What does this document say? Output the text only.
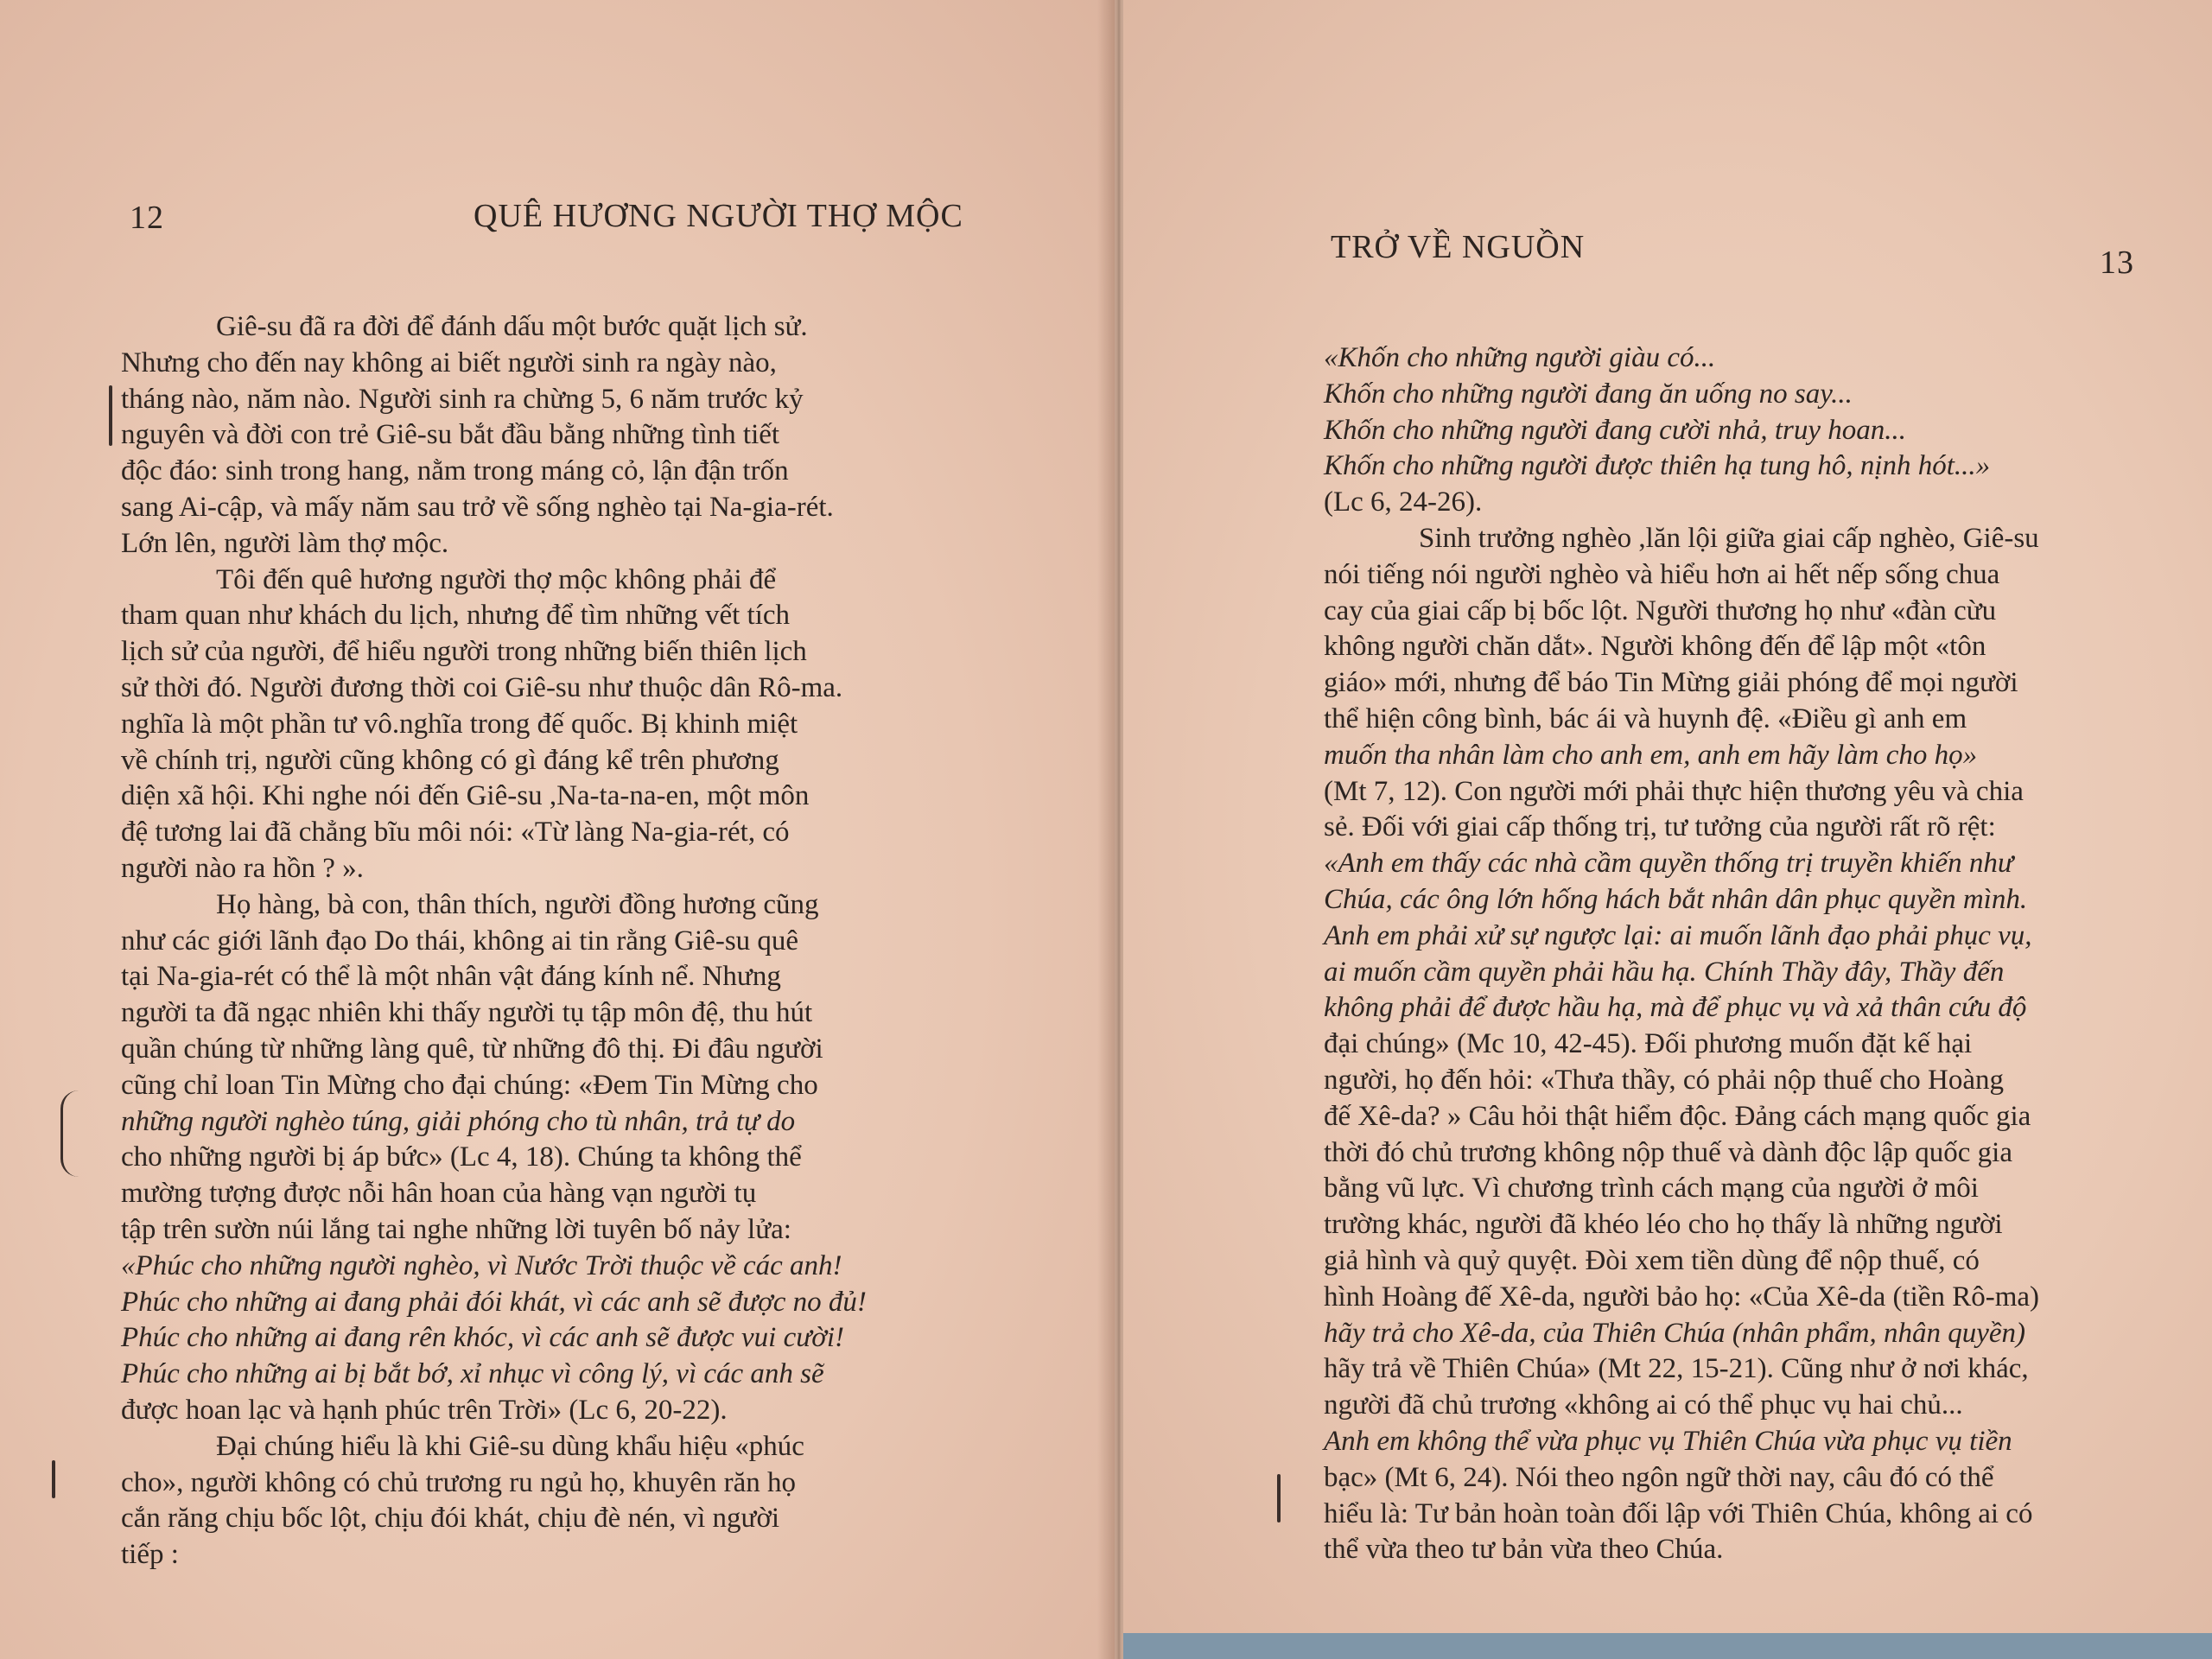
12	QUÊ HƯƠNG NGƯỜI THỢ MỘC
Giê-su đã ra đời để đánh dấu một bước quặt lịch sử.
Nhưng cho đến nay không ai biết người sinh ra ngày nào,
tháng nào, năm nào. Người sinh ra chừng 5, 6 năm trước kỷ
nguyên và đời con trẻ Giê-su bắt đầu bằng những tình tiết
độc đáo: sinh trong hang, nằm trong máng cỏ, lận đận trốn
sang Ai-cập, và mấy năm sau trở về sống nghèo tại Na-gia-rét.
Lớn lên, người làm thợ mộc.
Tôi đến quê hương người thợ mộc không phải để
tham quan như khách du lịch, nhưng để tìm những vết tích
lịch sử của người, để hiểu người trong những biến thiên lịch
sử thời đó. Người đương thời coi Giê-su như thuộc dân Rô-ma.
nghĩa là một phần tư vô.nghĩa trong đế quốc. Bị khinh miệt
về chính trị, người cũng không có gì đáng kể trên phương
diện xã hội. Khi nghe nói đến Giê-su ,Na-ta-na-en, một môn
đệ tương lai đã chẳng bĩu môi nói: «Từ làng Na-gia-rét, có
người nào ra hồn ? ».
Họ hàng, bà con, thân thích, người đồng hương cũng
như các giới lãnh đạo Do thái, không ai tin rằng Giê-su quê
tại Na-gia-rét có thể là một nhân vật đáng kính nể. Nhưng
người ta đã ngạc nhiên khi thấy người tụ tập môn đệ, thu hút
quần chúng từ những làng quê, từ những đô thị. Đi đâu người
cũng chỉ loan Tin Mừng cho đại chúng: «Đem Tin Mừng cho
những người nghèo túng, giải phóng cho tù nhân, trả tự do
cho những người bị áp bức» (Lc 4, 18). Chúng ta không thể
mường tượng được nỗi hân hoan của hàng vạn người tụ
tập trên sườn núi lắng tai nghe những lời tuyên bố nảy lửa:
«Phúc cho những người nghèo, vì Nước Trời thuộc về các anh!
Phúc cho những ai đang phải đói khát, vì các anh sẽ được no đủ!
Phúc cho những ai đang rên khóc, vì các anh sẽ được vui cười!
Phúc cho những ai bị bắt bớ, xỉ nhục vì công lý, vì các anh sẽ
được hoan lạc và hạnh phúc trên Trời» (Lc 6, 20-22).
Đại chúng hiểu là khi Giê-su dùng khẩu hiệu «phúc
cho», người không có chủ trương ru ngủ họ, khuyên răn họ
cắn răng chịu bốc lột, chịu đói khát, chịu đè nén, vì người
tiếp :
TRỞ VỀ NGUỒN	13
«Khốn cho những người giàu có...
Khốn cho những người đang ăn uống no say...
Khốn cho những người đang cười nhả, truy hoan...
Khốn cho những người được thiên hạ tung hô, nịnh hót...»
(Lc 6, 24-26).
Sinh trưởng nghèo ,lăn lội giữa giai cấp nghèo, Giê-su
nói tiếng nói người nghèo và hiểu hơn ai hết nếp sống chua
cay của giai cấp bị bốc lột. Người thương họ như «đàn cừu
không người chăn dắt». Người không đến để lập một «tôn
giáo» mới, nhưng để báo Tin Mừng giải phóng để mọi người
thể hiện công bình, bác ái và huynh đệ. «Điều gì anh em
muốn tha nhân làm cho anh em, anh em hãy làm cho họ»
(Mt 7, 12). Con người mới phải thực hiện thương yêu và chia
sẻ. Đối với giai cấp thống trị, tư tưởng của người rất rõ rệt:
«Anh em thấy các nhà cầm quyền thống trị truyền khiến như
Chúa, các ông lớn hống hách bắt nhân dân phục quyền mình.
Anh em phải xử sự ngược lại: ai muốn lãnh đạo phải phục vụ,
ai muốn cầm quyền phải hầu hạ. Chính Thầy đây, Thầy đến
không phải để được hầu hạ, mà để phục vụ và xả thân cứu độ
đại chúng» (Mc 10, 42-45). Đối phương muốn đặt kế hại
người, họ đến hỏi: «Thưa thầy, có phải nộp thuế cho Hoàng
đế Xê-da? » Câu hỏi thật hiểm độc. Đảng cách mạng quốc gia
thời đó chủ trương không nộp thuế và dành độc lập quốc gia
bằng vũ lực. Vì chương trình cách mạng của người ở môi
trường khác, người đã khéo léo cho họ thấy là những người
giả hình và quỷ quyệt. Đòi xem tiền dùng để nộp thuế, có
hình Hoàng đế Xê-da, người bảo họ: «Của Xê-da (tiền Rô-ma)
hãy trả cho Xê-da, của Thiên Chúa (nhân phẩm, nhân quyền)
hãy trả về Thiên Chúa» (Mt 22, 15-21). Cũng như ở nơi khác,
người đã chủ trương «không ai có thể phục vụ hai chủ...
Anh em không thể vừa phục vụ Thiên Chúa vừa phục vụ tiền
bạc» (Mt 6, 24). Nói theo ngôn ngữ thời nay, câu đó có thể
hiểu là: Tư bản hoàn toàn đối lập với Thiên Chúa, không ai có
thể vừa theo tư bản vừa theo Chúa.
